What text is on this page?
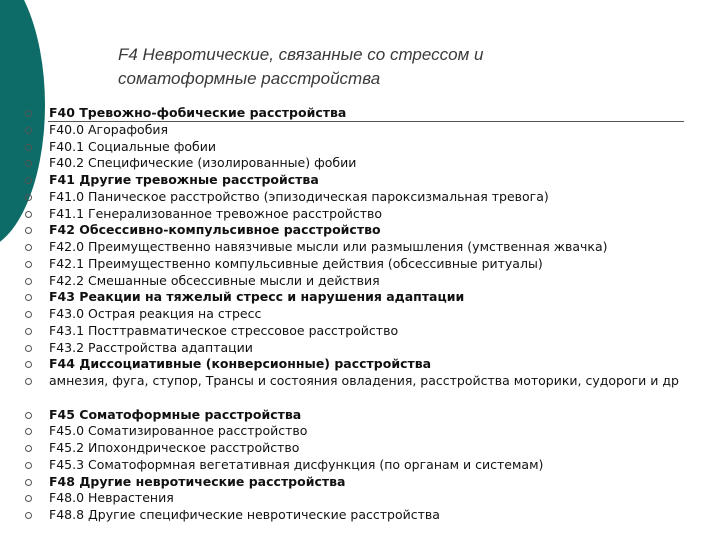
F4 Невротические, связанные со стрессом и
соматоформные расстройства
F40 Тревожно-фобические расстройства
F40.0 Агорафобия
F40.1 Социальные фобии
F40.2 Специфические (изолированные) фобии
F41 Другие тревожные расстройства
F41.0 Паническое расстройство (эпизодическая пароксизмальная тревога)
F41.1 Генерализованное тревожное расстройство
F42 Обсессивно-компульсивное расстройство
F42.0 Преимущественно навязчивые мысли или размышления (умственная жвачка)
F42.1 Преимущественно компульсивные действия (обсессивные ритуалы)
F42.2 Смешанные обсессивные мысли и действия
F43 Реакции на тяжелый стресс и нарушения адаптации
F43.0 Острая реакция на стресс
F43.1 Посттравматическое стрессовое расстройство
F43.2 Расстройства адаптации
F44 Диссоциативные (конверсионные) расстройства
амнезия, фуга, ступор, Трансы и состояния овладения, расстройства моторики, судороги и др
F45 Соматоформные расстройства
F45.0 Соматизированное расстройство
F45.2 Ипохондрическое расстройство
F45.3 Соматоформная вегетативная дисфункция (по органам и системам)
F48 Другие невротические расстройства
F48.0 Неврастения
F48.8 Другие специфические невротические расстройства
